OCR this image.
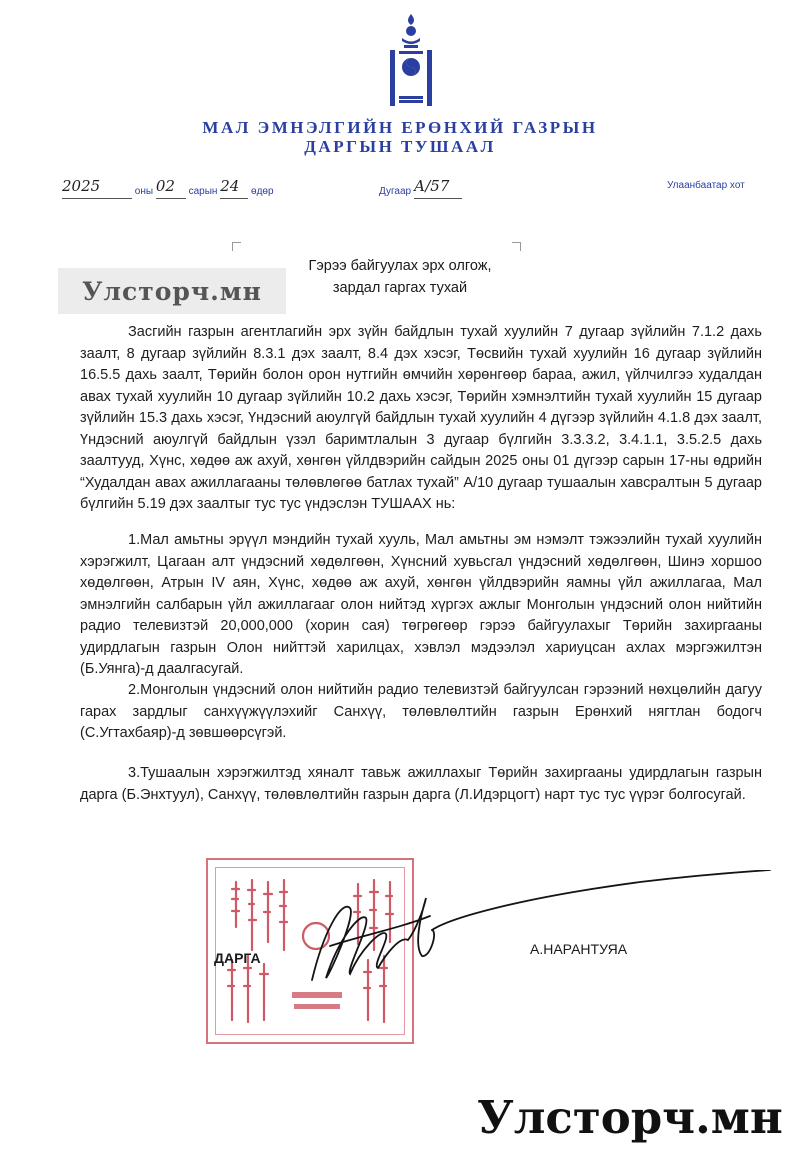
МАЛ ЭМНЭЛГИЙН ЕРӨНХИЙ ГАЗРЫН
ДАРГЫН ТУШААЛ
2025	оны 02 сарын 24 өдөр	Дугаар А/57	Улаанбаатар хот
Гэрээ байгуулах эрх олгож,
зардал гаргах тухай
Улсторч.мн
Засгийн газрын агентлагийн эрх зүйн байдлын тухай хуулийн 7 дугаар зүйлийн 7.1.2 дахь заалт, 8 дугаар зүйлийн 8.3.1 дэх заалт, 8.4 дэх хэсэг, Төсвийн тухай хуулийн 16 дугаар зүйлийн 16.5.5 дахь заалт, Төрийн болон орон нутгийн өмчийн хөрөнгөөр бараа, ажил, үйлчилгээ худалдан авах тухай хуулийн 10 дугаар зүйлийн 10.2 дахь хэсэг, Төрийн хэмнэлтийн тухай хуулийн 15 дугаар зүйлийн 15.3 дахь хэсэг, Үндэсний аюулгүй байдлын тухай хуулийн 4 дүгээр зүйлийн 4.1.8 дэх заалт, Үндэсний аюулгүй байдлын үзэл баримтлалын 3 дугаар бүлгийн 3.3.3.2, 3.4.1.1, 3.5.2.5 дахь заалтууд, Хүнс, хөдөө аж ахуй, хөнгөн үйлдвэрийн сайдын 2025 оны 01 дүгээр сарын 17-ны өдрийн “Худалдан авах ажиллагааны төлөвлөгөө батлах тухай” А/10 дугаар тушаалын хавсралтын 5 дугаар бүлгийн 5.19 дэх заалтыг тус тус үндэслэн ТУШААХ нь:
1.Мал амьтны эрүүл мэндийн тухай хууль, Мал амьтны эм нэмэлт тэжээлийн тухай хуулийн хэрэгжилт, Цагаан алт үндэсний хөдөлгөөн, Хүнсний хувьсгал үндэсний хөдөлгөөн, Шинэ хоршоо хөдөлгөөн, Атрын IV аян, Хүнс, хөдөө аж ахуй, хөнгөн үйлдвэрийн яамны үйл ажиллагаа, Мал эмнэлгийн салбарын үйл ажиллагааг олон нийтэд хүргэх ажлыг Монголын үндэсний олон нийтийн радио телевизтэй 20,000,000 (хорин сая) төгрөгөөр гэрээ байгуулахыг Төрийн захиргааны удирдлагын газрын Олон нийттэй харилцах, хэвлэл мэдээлэл хариуцсан ахлах мэргэжилтэн (Б.Уянга)-д даалгасугай.
2.Монголын үндэсний олон нийтийн радио телевизтэй байгуулсан гэрээний нөхцөлийн дагуу гарах зардлыг санхүүжүүлэхийг Санхүү, төлөвлөлтийн газрын Ерөнхий нягтлан бодогч (С.Угтахбаяр)-д зөвшөөрсүгэй.
3.Тушаалын хэрэгжилтэд хяналт тавьж ажиллахыг Төрийн захиргааны удирдлагын газрын дарга (Б.Энхтуул), Санхүү, төлөвлөлтийн газрын дарга (Л.Идэрцогт) нарт тус тус үүрэг болгосугай.
ДАРГА
А.НАРАНТУЯА
Улсторч.мн
